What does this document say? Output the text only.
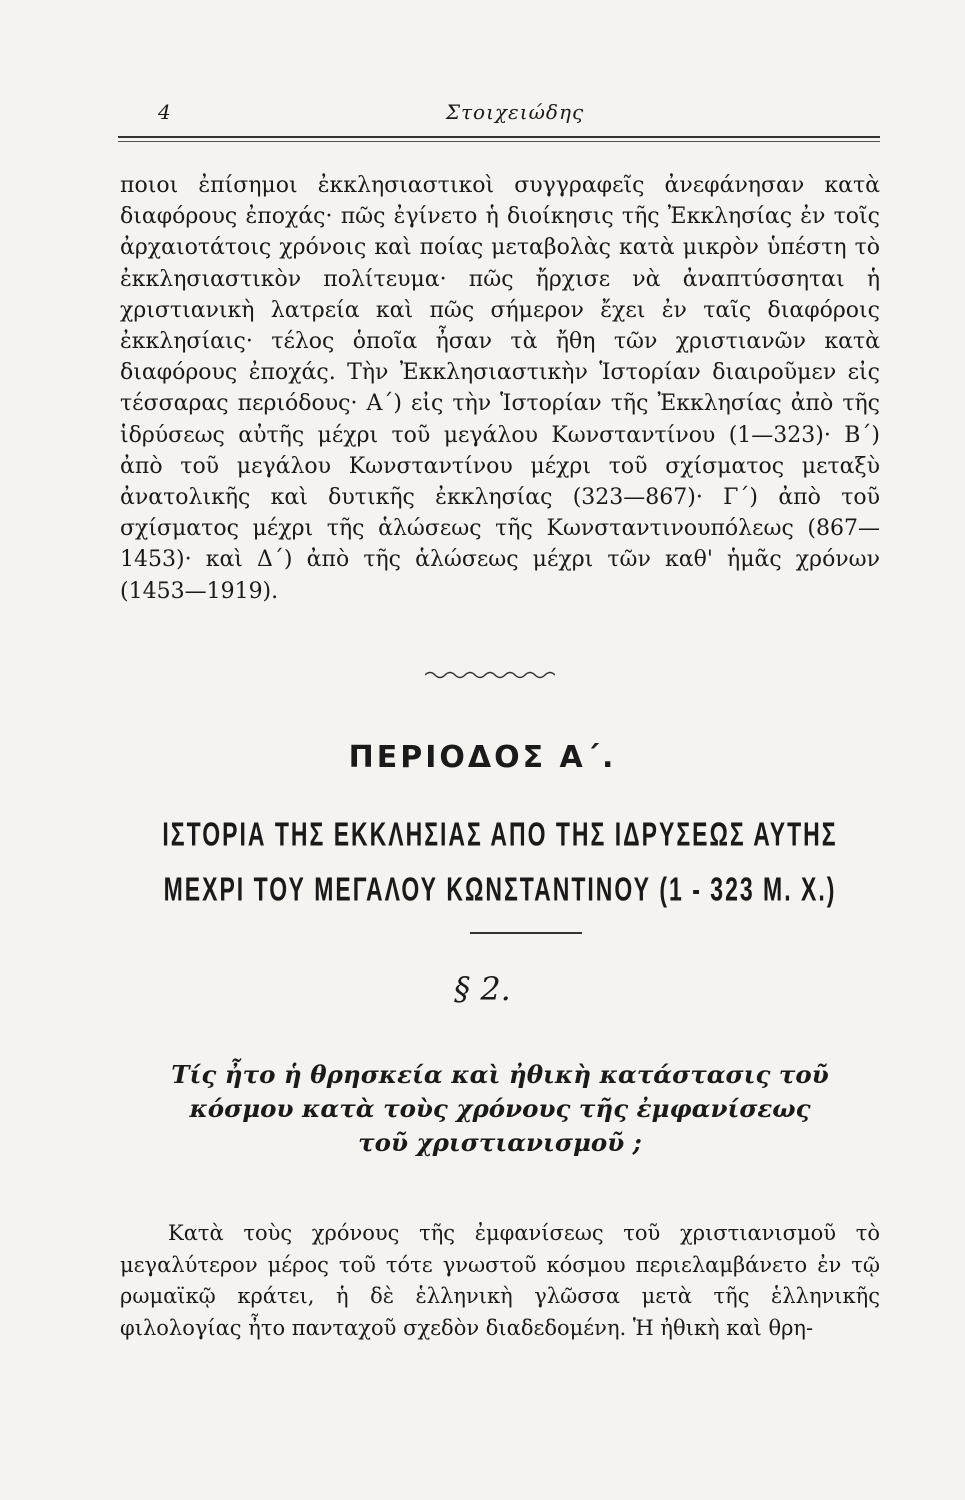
4	Στοιχειώδης

ποιοι ἐπίσημοι ἐκκλησιαστικοὶ συγγραφεῖς ἀνεφάνησαν κατὰ διαφόρους ἐποχάς· πῶς ἐγίνετο ἡ διοίκησις τῆς Ἐκκλησίας ἐν τοῖς ἀρχαιοτάτοις χρόνοις καὶ ποίας μεταβολὰς κατὰ μικρὸν ὑπέστη τὸ ἐκκλησιαστικὸν πολίτευμα· πῶς ἤρχισε νὰ ἀναπτύσσηται ἡ χριστιανικὴ λατρεία καὶ πῶς σήμερον ἔχει ἐν ταῖς διαφόροις ἐκκλησίαις· τέλος ὁποῖα ἦσαν τὰ ἤθη τῶν χριστιανῶν κατὰ διαφόρους ἐποχάς. Τὴν Ἐκκλησιαστικὴν Ἱστορίαν διαιροῦμεν εἰς τέσσαρας περιόδους· Α΄) εἰς τὴν Ἱστορίαν τῆς Ἐκκλησίας ἀπὸ τῆς ἱδρύσεως αὐτῆς μέχρι τοῦ μεγάλου Κωνσταντίνου (1—323)· Β΄) ἀπὸ τοῦ μεγάλου Κωνσταντίνου μέχρι τοῦ σχίσματος μεταξὺ ἀνατολικῆς καὶ δυτικῆς ἐκκλησίας (323—867)· Γ΄) ἀπὸ τοῦ σχίσματος μέχρι τῆς ἁλώσεως τῆς Κωνσταντινουπόλεως (867—1453)· καὶ Δ΄) ἀπὸ τῆς ἁλώσεως μέχρι τῶν καθ' ἡμᾶς χρόνων (1453—1919).

ΠΕΡΙΟΔΟΣ Α΄.
ΙΣΤΟΡΙΑ ΤΗΣ ΕΚΚΛΗΣΙΑΣ ΑΠΟ ΤΗΣ ΙΔΡΥΣΕΩΣ ΑΥΤΗΣ
ΜΕΧΡΙ ΤΟΥ ΜΕΓΑΛΟΥ ΚΩΝΣΤΑΝΤΙΝΟΥ (1 - 323 Μ. Χ.)
§ 2.
Τίς ἦτο ἡ θρησκεία καὶ ἠθικὴ κατάστασις τοῦ
κόσμου κατὰ τοὺς χρόνους τῆς ἐμφανίσεως
τοῦ χριστιανισμοῦ ;

Κατὰ τοὺς χρόνους τῆς ἐμφανίσεως τοῦ χριστιανισμοῦ τὸ μεγαλύτερον μέρος τοῦ τότε γνωστοῦ κόσμου περιελαμβάνετο ἐν τῷ ρωμαϊκῷ κράτει, ἡ δὲ ἑλληνικὴ γλῶσσα μετὰ τῆς ἑλληνικῆς φιλολογίας ἦτο πανταχοῦ σχεδὸν διαδεδομένη. Ἡ ἠθικὴ καὶ θρη-
